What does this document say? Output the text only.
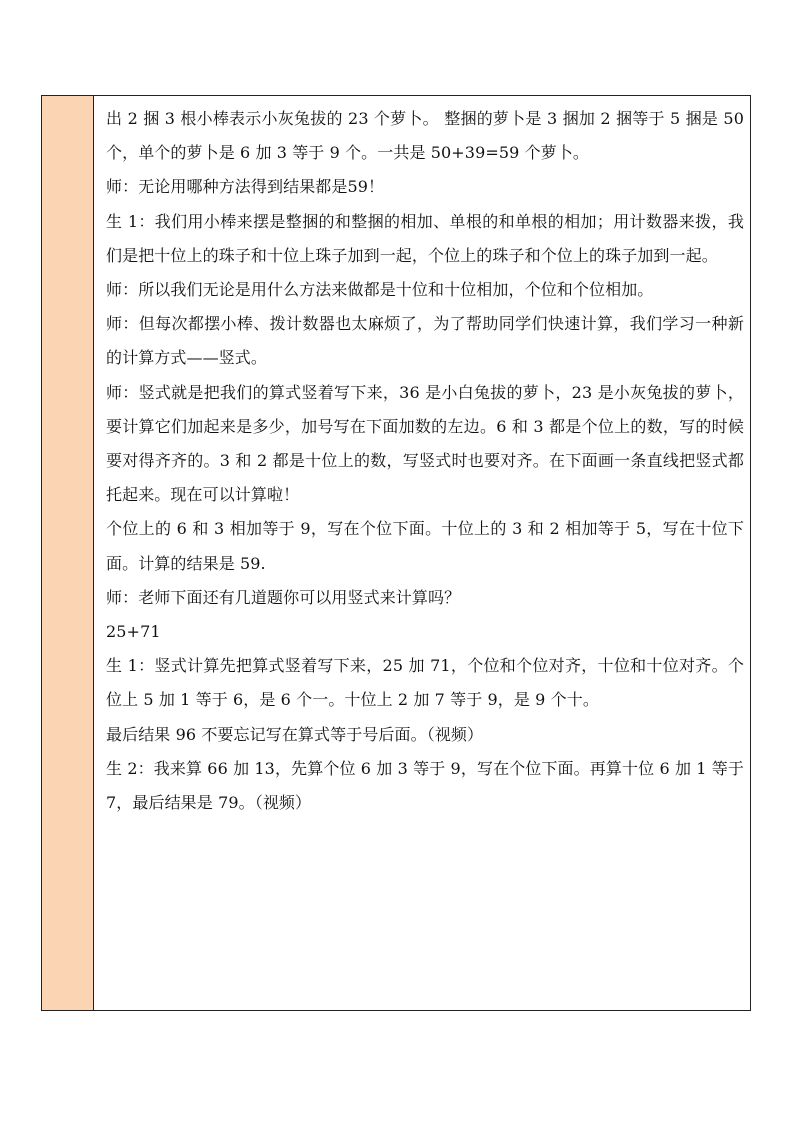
出 2 捆 3 根小棒表示小灰兔拔的 23 个萝卜。 整捆的萝卜是 3 捆加 2 捆等于 5 捆是 50 个，单个的萝卜是 6 加 3 等于 9 个。一共是 50+39=59 个萝卜。

师：无论用哪种方法得到结果都是59！

生 1：我们用小棒来摆是整捆的和整捆的相加、单根的和单根的相加；用计数器来拨，我们是把十位上的珠子和十位上珠子加到一起，个位上的珠子和个位上的珠子加到一起。

师：所以我们无论是用什么方法来做都是十位和十位相加，个位和个位相加。

师：但每次都摆小棒、拨计数器也太麻烦了，为了帮助同学们快速计算，我们学习一种新的计算方式——竖式。

师：竖式就是把我们的算式竖着写下来，36 是小白兔拔的萝卜，23 是小灰兔拔的萝卜，要计算它们加起来是多少，加号写在下面加数的左边。6 和 3 都是个位上的数，写的时候要对得齐齐的。3 和 2 都是十位上的数，写竖式时也要对齐。在下面画一条直线把竖式都托起来。现在可以计算啦！

个位上的 6 和 3 相加等于 9，写在个位下面。十位上的 3 和 2 相加等于 5，写在十位下面。计算的结果是 59.

师：老师下面还有几道题你可以用竖式来计算吗？

25+71

生 1：竖式计算先把算式竖着写下来，25 加 71，个位和个位对齐，十位和十位对齐。个位上 5 加 1 等于 6，是 6 个一。十位上 2 加 7 等于 9，是 9 个十。

最后结果 96 不要忘记写在算式等于号后面。（视频）

生 2：我来算 66 加 13，先算个位 6 加 3 等于 9，写在个位下面。再算十位 6 加 1 等于 7，最后结果是 79。（视频）
